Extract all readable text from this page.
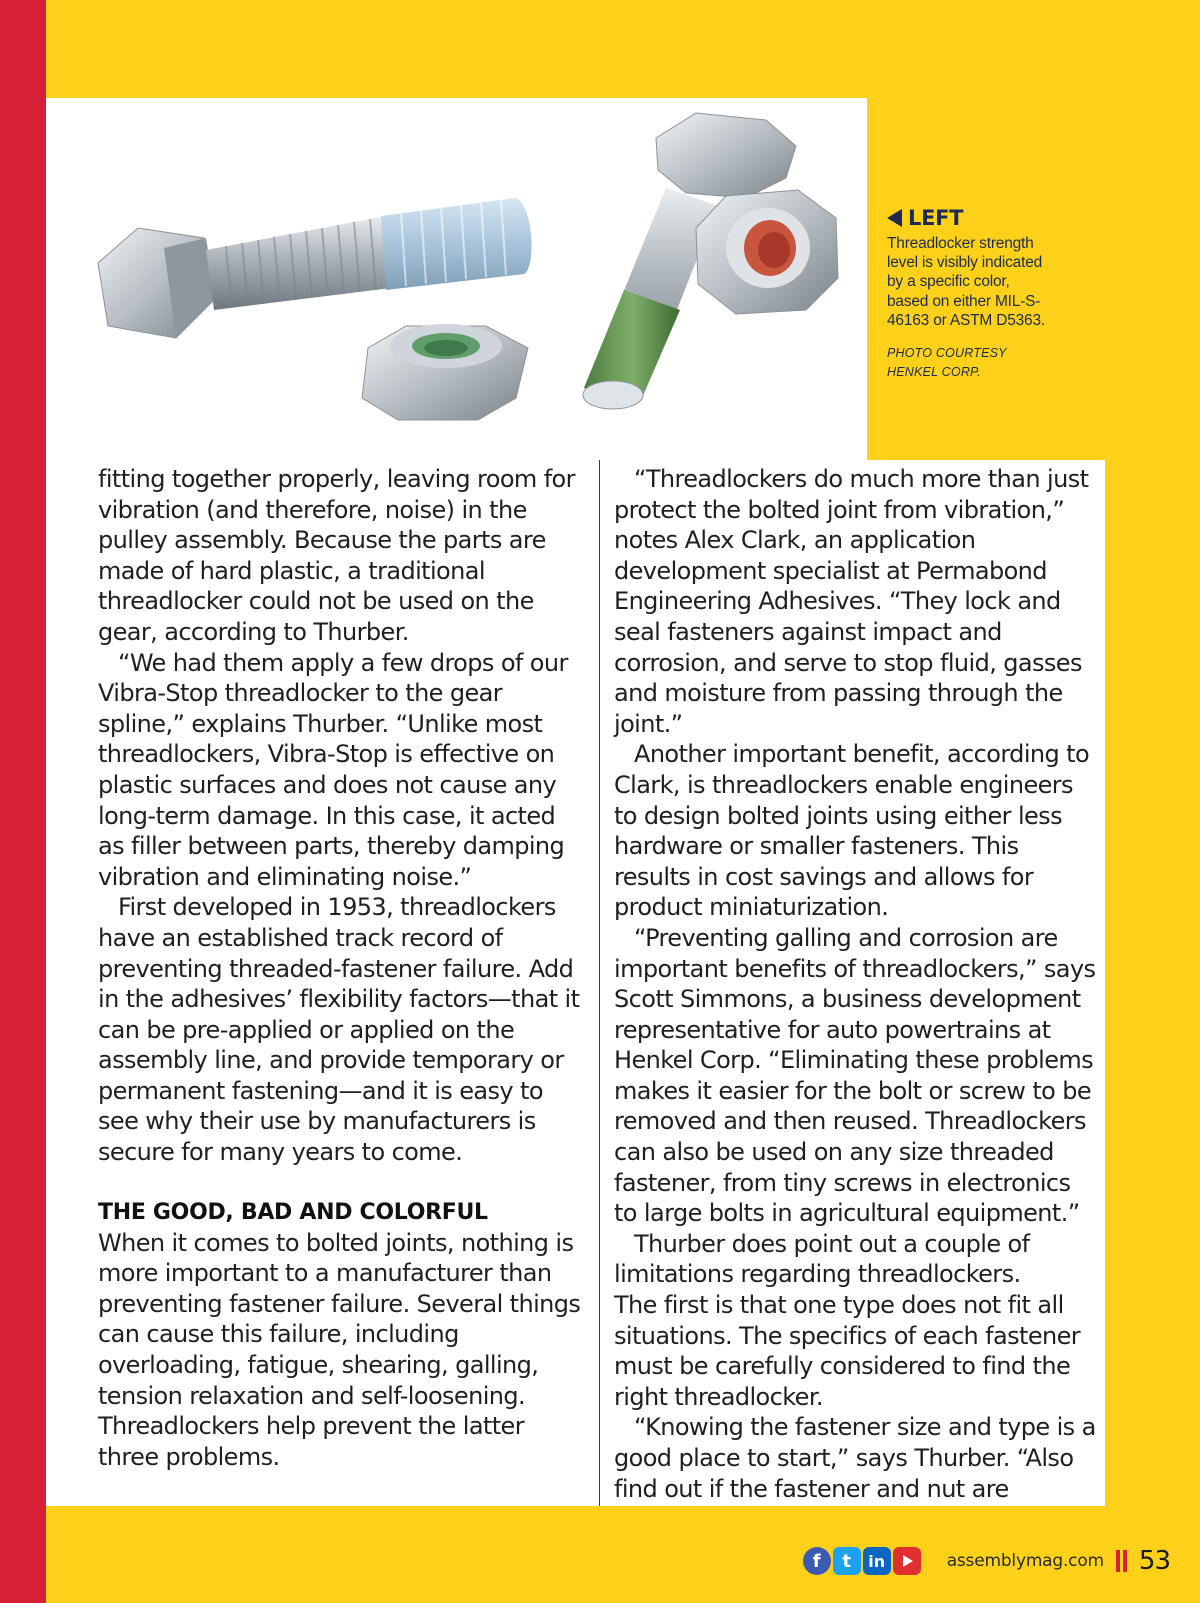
LEFT
Threadlocker strength level is visibly indicated by a specific color, based on either MIL-S-46163 or ASTM D5363.
PHOTO COURTESY HENKEL CORP.

fitting together properly, leaving room for vibration (and therefore, noise) in the pulley assembly. Because the parts are made of hard plastic, a traditional threadlocker could not be used on the gear, according to Thurber.

“We had them apply a few drops of our Vibra-Stop threadlocker to the gear spline,” explains Thurber. “Unlike most threadlockers, Vibra-Stop is effective on plastic surfaces and does not cause any long-term damage. In this case, it acted as filler between parts, thereby damping vibration and eliminating noise.”

First developed in 1953, threadlockers have an established track record of preventing threaded-fastener failure. Add in the adhesives’ flexibility factors—that it can be pre-applied or applied on the assembly line, and provide temporary or permanent fastening—and it is easy to see why their use by manufacturers is secure for many years to come.

THE GOOD, BAD AND COLORFUL

When it comes to bolted joints, nothing is more important to a manufacturer than preventing fastener failure. Several things can cause this failure, including overloading, fatigue, shearing, galling, tension relaxation and self-loosening. Threadlockers help prevent the latter three problems.

“Threadlockers do much more than just protect the bolted joint from vibration,” notes Alex Clark, an application development specialist at Permabond Engineering Adhesives. “They lock and seal fasteners against impact and corrosion, and serve to stop fluid, gasses and moisture from passing through the joint.”

Another important benefit, according to Clark, is threadlockers enable engineers to design bolted joints using either less hardware or smaller fasteners. This results in cost savings and allows for product miniaturization.

“Preventing galling and corrosion are important benefits of threadlockers,” says Scott Simmons, a business development representative for auto powertrains at Henkel Corp. “Eliminating these problems makes it easier for the bolt or screw to be removed and then reused. Threadlockers can also be used on any size threaded fastener, from tiny screws in electronics to large bolts in agricultural equipment.”

Thurber does point out a couple of limitations regarding threadlockers.

The first is that one type does not fit all situations. The specifics of each fastener must be carefully considered to find the right threadlocker.

“Knowing the fastener size and type is a good place to start,” says Thurber. “Also find out if the fastener and nut are

f	t	in	assemblymag.com 53
